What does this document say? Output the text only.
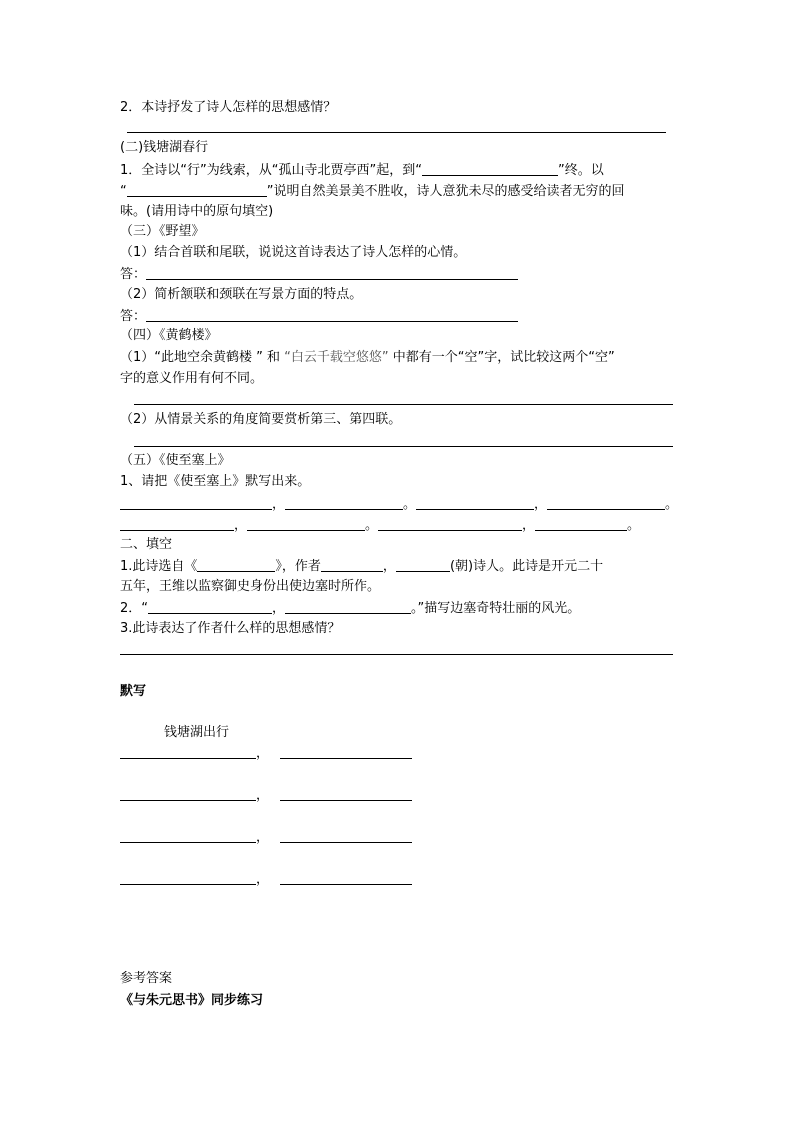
2．本诗抒发了诗人怎样的思想感情？
(二)钱塘湖春行
1．全诗以“行”为线索，从“孤山寺北贾亭西”起，到“	”终。以
“	”说明自然美景美不胜收，诗人意犹未尽的感受给读者无穷的回
味。(请用诗中的原句填空)
（三）《野望》
（1）结合首联和尾联，说说这首诗表达了诗人怎样的心情。
答：
（2）简析颔联和颈联在写景方面的特点。
答：
（四）《黄鹤楼》
（1）“此地空余黄鹤楼 ” 和 “白云千载空悠悠” 中都有一个“空”字，试比较这两个“空”
字的意义作用有何不同。
（2）从情景关系的角度简要赏析第三、第四联。
（五）《使至塞上》
1、请把《使至塞上》默写出来。
，	。	，	。
，	。	，	。
二、填空
1.此诗选自《	》，作者	，	(朝)诗人。此诗是开元二十
五年，王维以监察御史身份出使边塞时所作。
2．“	，	。”描写边塞奇特壮丽的风光。
3.此诗表达了作者什么样的思想感情？
默写
钱塘湖出行
，
，
，
，
参考答案
《与朱元思书》同步练习
